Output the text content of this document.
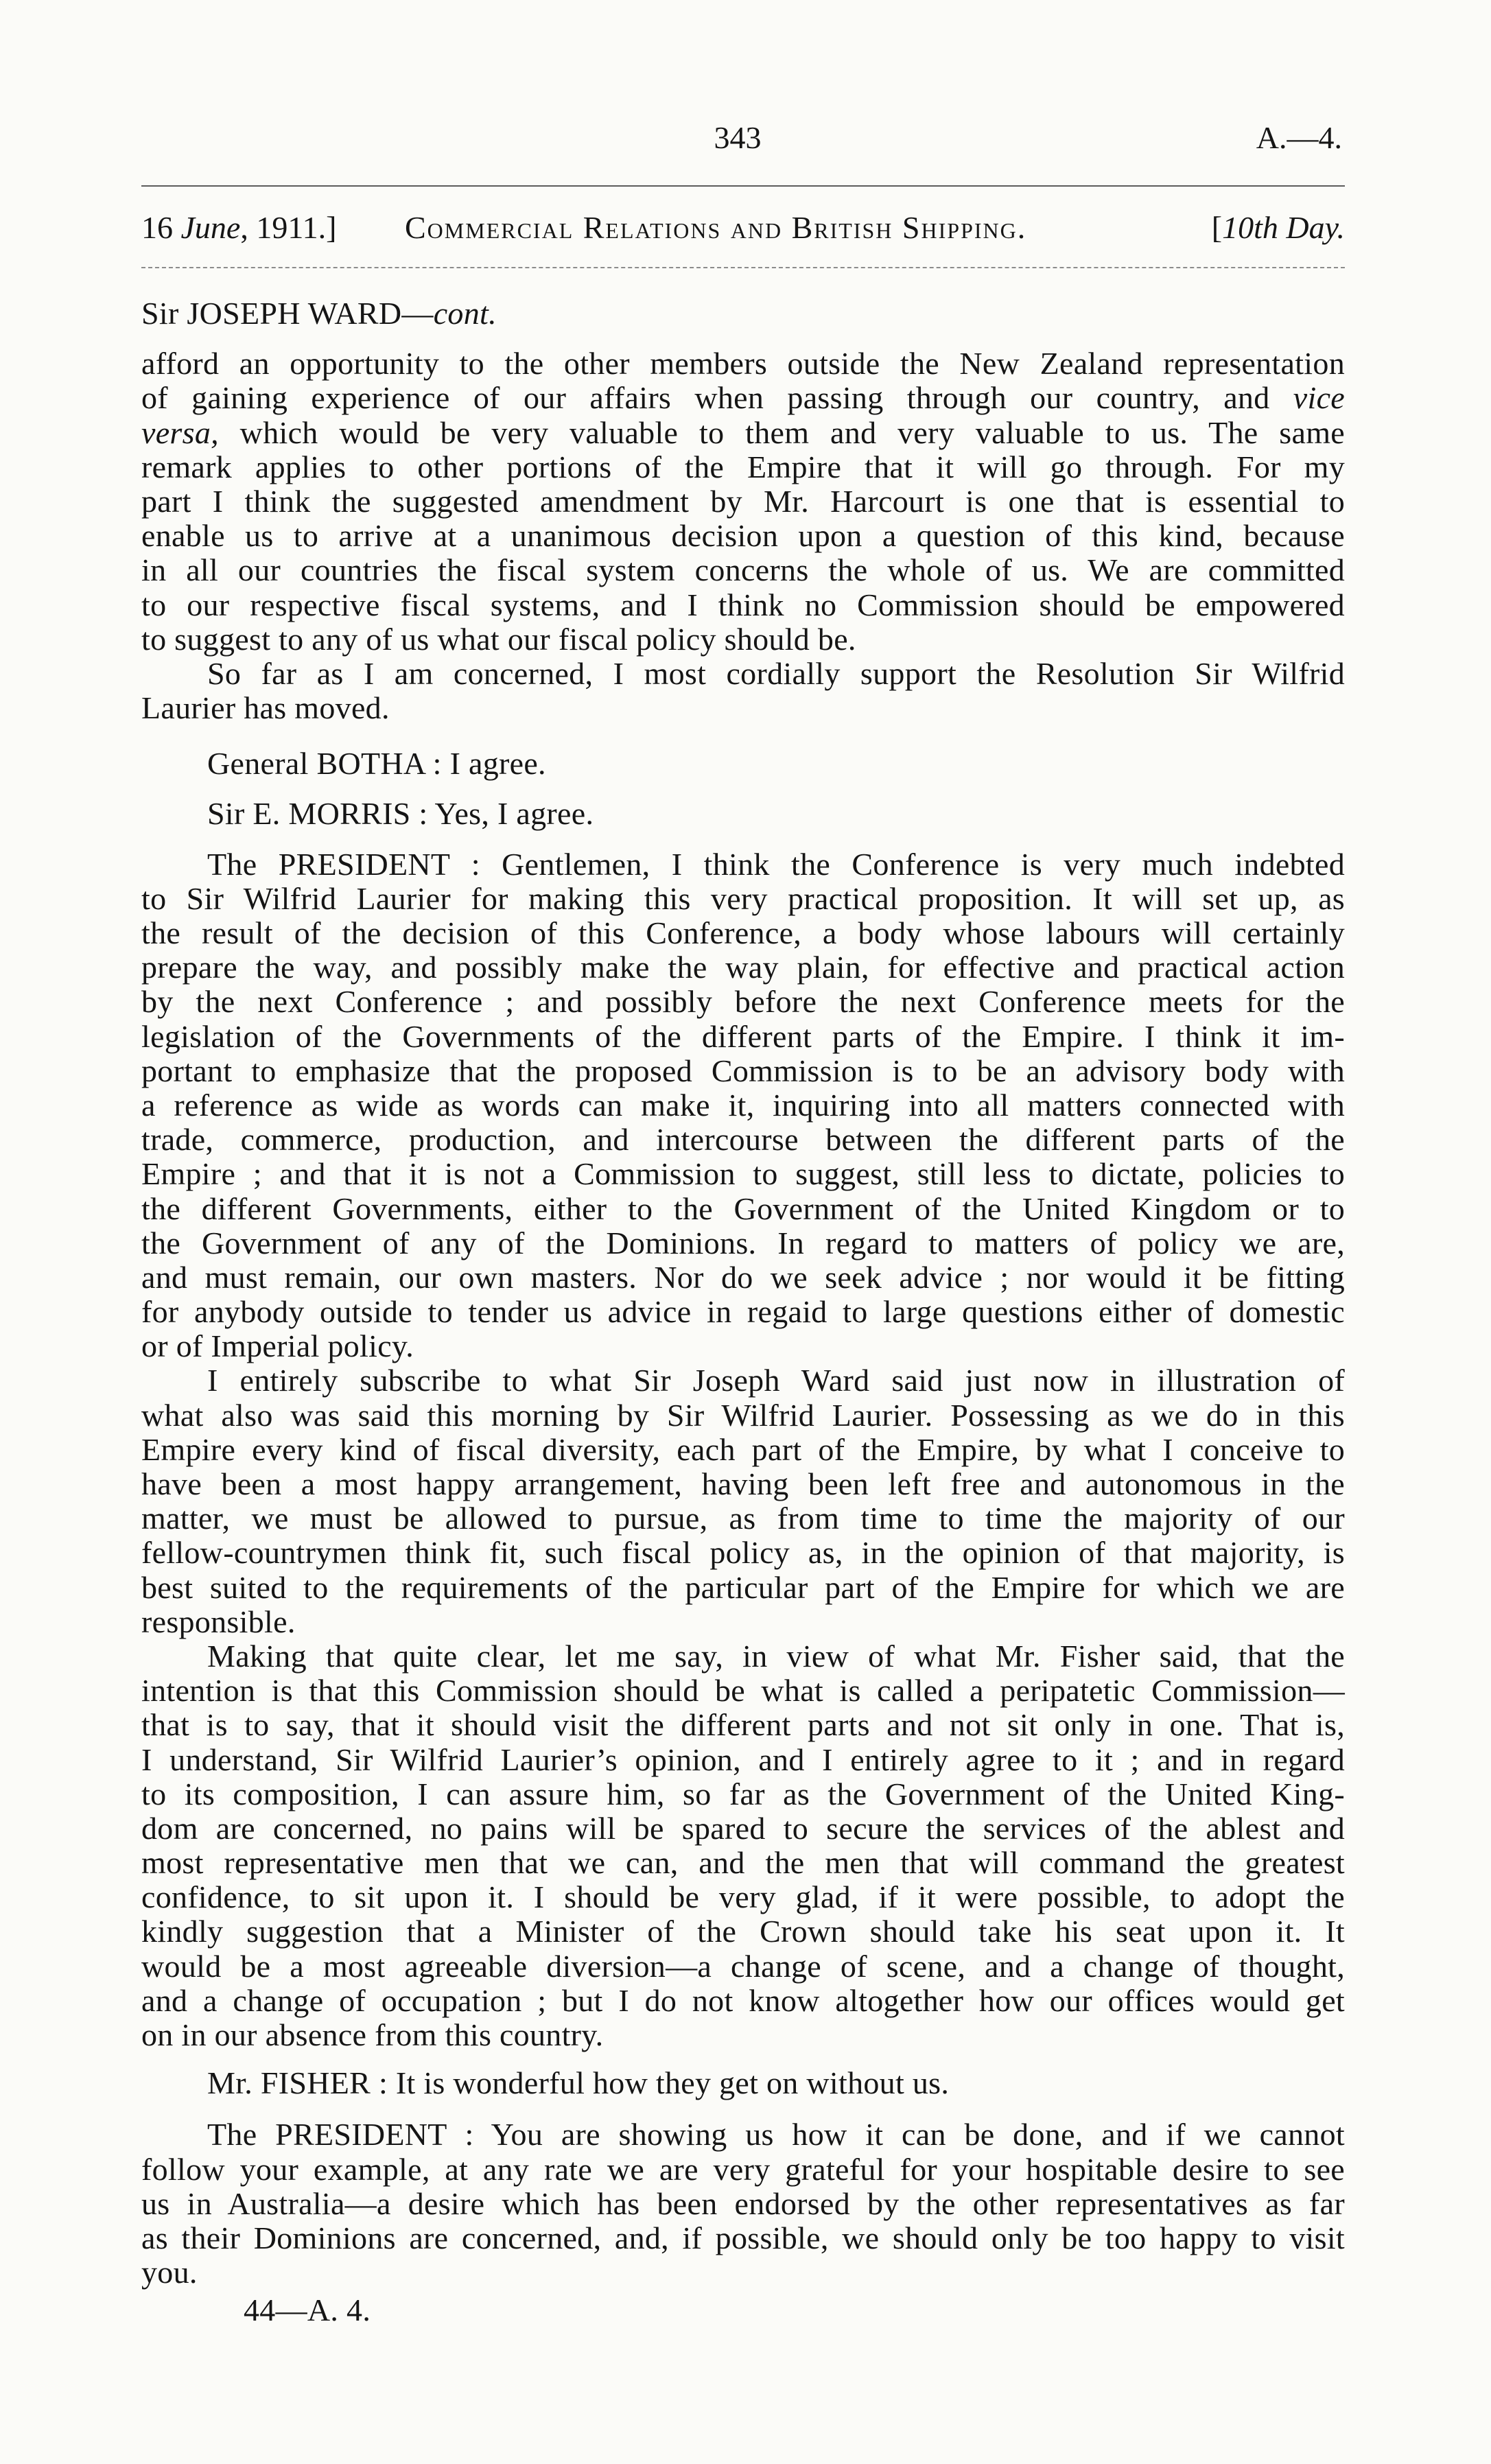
343	A.—4.
16 June, 1911.] Commercial Relations and British Shipping.	[10th Day.
Sir JOSEPH WARD—cont.
afford an opportunity to the other members outside the New Zealand representation
of gaining experience of our affairs when passing through our country, and vice
versa, which would be very valuable to them and very valuable to us. The same
remark applies to other portions of the Empire that it will go through. For my
part I think the suggested amendment by Mr. Harcourt is one that is essential to
enable us to arrive at a unanimous decision upon a question of this kind, because
in all our countries the fiscal system concerns the whole of us. We are committed
to our respective fiscal systems, and I think no Commission should be empowered
to suggest to any of us what our fiscal policy should be.
So far as I am concerned, I most cordially support the Resolution Sir Wilfrid
Laurier has moved.
General BOTHA : I agree.
Sir E. MORRIS : Yes, I agree.
The PRESIDENT : Gentlemen, I think the Conference is very much indebted
to Sir Wilfrid Laurier for making this very practical proposition. It will set up, as
the result of the decision of this Conference, a body whose labours will certainly
prepare the way, and possibly make the way plain, for effective and practical action
by the next Conference ; and possibly before the next Conference meets for the
legislation of the Governments of the different parts of the Empire. I think it im-
portant to emphasize that the proposed Commission is to be an advisory body with
a reference as wide as words can make it, inquiring into all matters connected with
trade, commerce, production, and intercourse between the different parts of the
Empire ; and that it is not a Commission to suggest, still less to dictate, policies to
the different Governments, either to the Government of the United Kingdom or to
the Government of any of the Dominions. In regard to matters of policy we are,
and must remain, our own masters. Nor do we seek advice ; nor would it be fitting
for anybody outside to tender us advice in regaid to large questions either of domestic
or of Imperial policy.
I entirely subscribe to what Sir Joseph Ward said just now in illustration of
what also was said this morning by Sir Wilfrid Laurier. Possessing as we do in this
Empire every kind of fiscal diversity, each part of the Empire, by what I conceive to
have been a most happy arrangement, having been left free and autonomous in the
matter, we must be allowed to pursue, as from time to time the majority of our
fellow-countrymen think fit, such fiscal policy as, in the opinion of that majority, is
best suited to the requirements of the particular part of the Empire for which we are
responsible.
Making that quite clear, let me say, in view of what Mr. Fisher said, that the
intention is that this Commission should be what is called a peripatetic Commission—
that is to say, that it should visit the different parts and not sit only in one. That is,
I understand, Sir Wilfrid Laurier’s opinion, and I entirely agree to it ; and in regard
to its composition, I can assure him, so far as the Government of the United King-
dom are concerned, no pains will be spared to secure the services of the ablest and
most representative men that we can, and the men that will command the greatest
confidence, to sit upon it. I should be very glad, if it were possible, to adopt the
kindly suggestion that a Minister of the Crown should take his seat upon it. It
would be a most agreeable diversion—a change of scene, and a change of thought,
and a change of occupation ; but I do not know altogether how our offices would get
on in our absence from this country.
Mr. FISHER : It is wonderful how they get on without us.
The PRESIDENT : You are showing us how it can be done, and if we cannot
follow your example, at any rate we are very grateful for your hospitable desire to see
us in Australia—a desire which has been endorsed by the other representatives as far
as their Dominions are concerned, and, if possible, we should only be too happy to visit
you.
44—A. 4.
